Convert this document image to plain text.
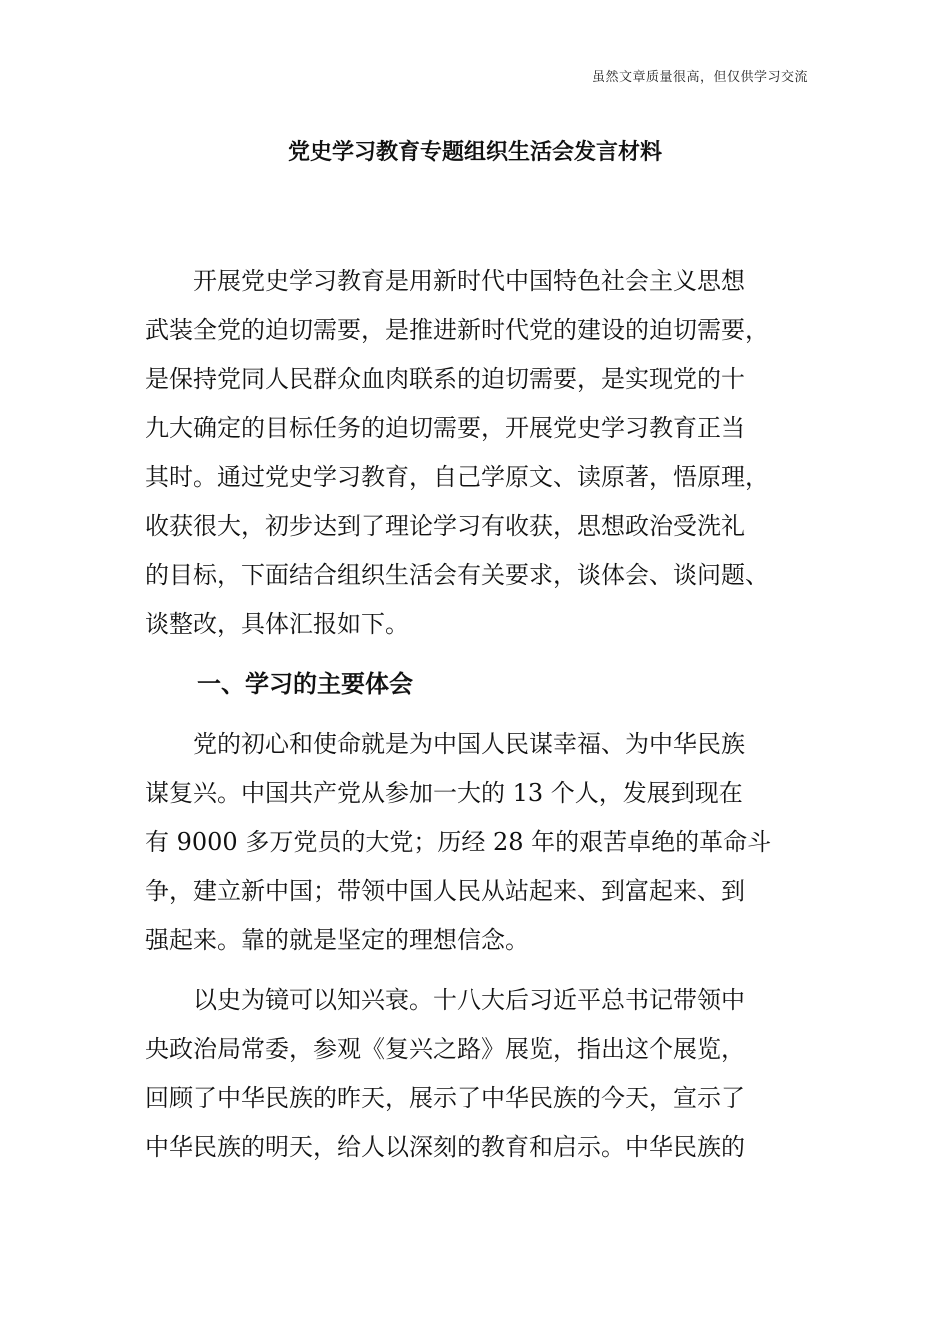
虽然文章质量很高，但仅供学习交流
党史学习教育专题组织生活会发言材料

　　开展党史学习教育是用新时代中国特色社会主义思想
武装全党的迫切需要，是推进新时代党的建设的迫切需要，
是保持党同人民群众血肉联系的迫切需要，是实现党的十
九大确定的目标任务的迫切需要，开展党史学习教育正当
其时。通过党史学习教育，自己学原文、读原著，悟原理，
收获很大，初步达到了理论学习有收获，思想政治受洗礼
的目标，下面结合组织生活会有关要求，谈体会、谈问题、
谈整改，具体汇报如下。

一、学习的主要体会

　　党的初心和使命就是为中国人民谋幸福、为中华民族
谋复兴。中国共产党从参加一大的 13 个人，发展到现在
有 9000 多万党员的大党；历经 28 年的艰苦卓绝的革命斗
争，建立新中国；带领中国人民从站起来、到富起来、到
强起来。靠的就是坚定的理想信念。

　　以史为镜可以知兴衰。十八大后习近平总书记带领中
央政治局常委，参观《复兴之路》展览，指出这个展览，
回顾了中华民族的昨天，展示了中华民族的今天，宣示了
中华民族的明天，给人以深刻的教育和启示。中华民族的
